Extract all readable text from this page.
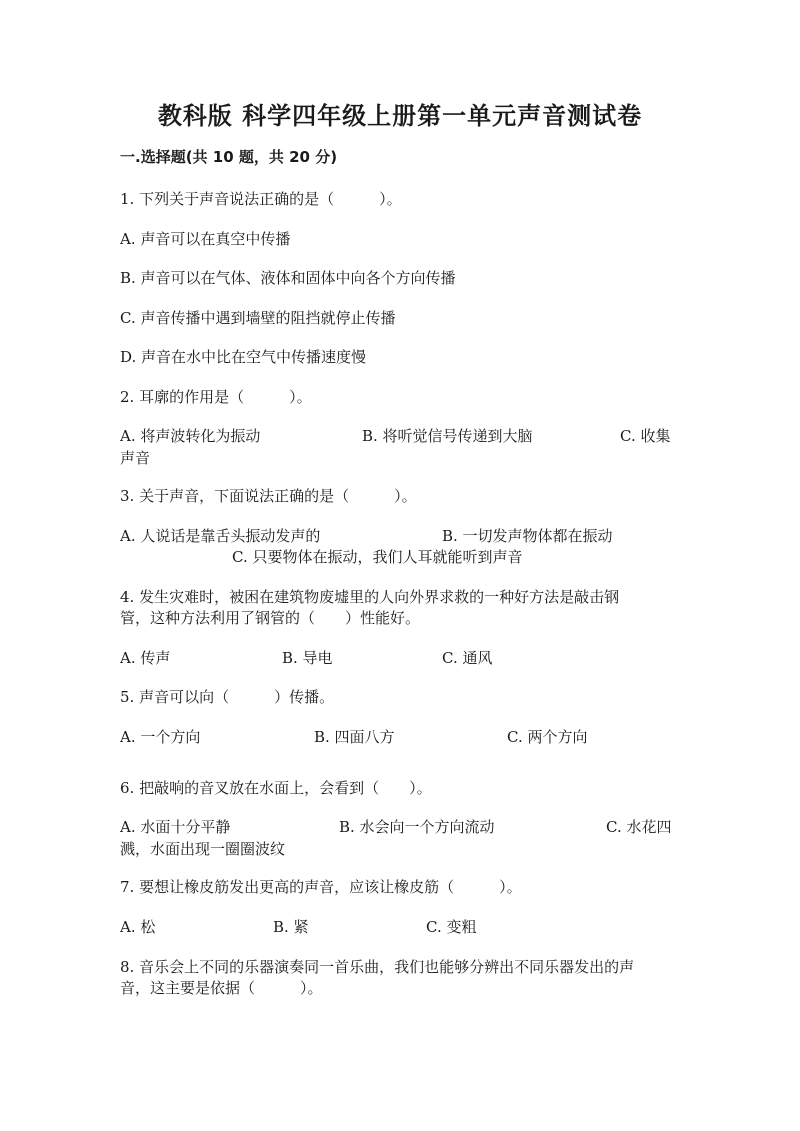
教科版 科学四年级上册第一单元声音测试卷
一.选择题(共 10 题，共 20 分)
1. 下列关于声音说法正确的是（　　　）。
A. 声音可以在真空中传播
B. 声音可以在气体、液体和固体中向各个方向传播
C. 声音传播中遇到墙壁的阻挡就停止传播
D. 声音在水中比在空气中传播速度慢
2. 耳廓的作用是（　　　）。
A. 将声波转化为振动	B. 将听觉信号传递到大脑	C. 收集
声音
3. 关于声音，下面说法正确的是（　　　）。
A. 人说话是靠舌头振动发声的	B. 一切发声物体都在振动
C. 只要物体在振动，我们人耳就能听到声音
4. 发生灾难时，被困在建筑物废墟里的人向外界求救的一种好方法是敲击钢
管，这种方法利用了钢管的（　　）性能好。
A. 传声	B. 导电	C. 通风
5. 声音可以向（　　　）传播。
A. 一个方向	B. 四面八方	C. 两个方向
6. 把敲响的音叉放在水面上，会看到（　　）。
A. 水面十分平静	B. 水会向一个方向流动	C. 水花四
溅，水面出现一圈圈波纹
7. 要想让橡皮筋发出更高的声音，应该让橡皮筋（　　　）。
A. 松	B. 紧	C. 变粗
8. 音乐会上不同的乐器演奏同一首乐曲，我们也能够分辨出不同乐器发出的声
音，这主要是依据（　　　）。
